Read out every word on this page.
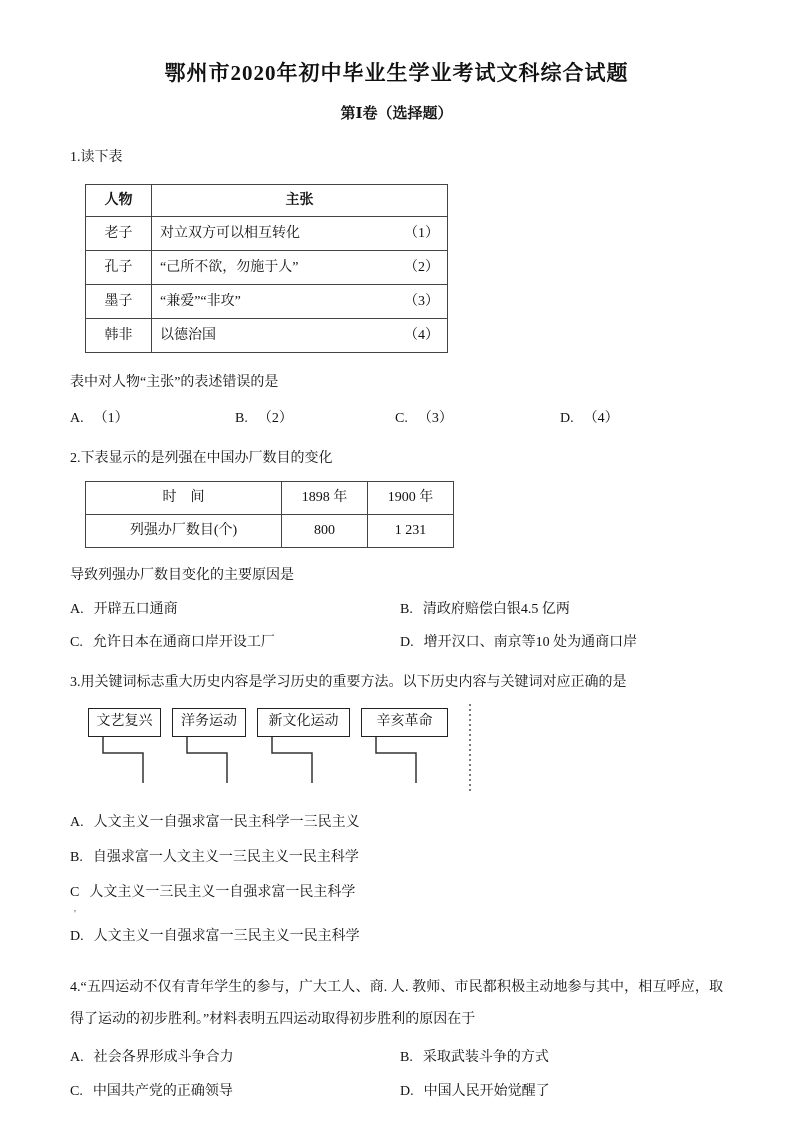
鄂州市2020年初中毕业生学业考试文科综合试题
第Ⅰ卷（选择题）
1.读下表
人物	主张
老子	对立双方可以相互转化 （1）

孔子	“己所不欲，勿施于人” （2）

墨子	“兼爱”“非攻” （3）

韩非	以德治国 （4）
表中对人物“主张”的表述错误的是
A. （1）	B. （2）	C. （3）	D. （4）
2.下表显示的是列强在中国办厂数目的变化
时　间	1898 年	1900 年
列强办厂数目(个)	800	1 231
导致列强办厂数目变化的主要原因是
A. 开辟五口通商	B. 清政府赔偿白银4.5 亿两
C. 允许日本在通商口岸开设工厂	D. 增开汉口、南京等10 处为通商口岸
3.用关键词标志重大历史内容是学习历史的重要方法。以下历史内容与关键词对应正确的是
文艺复兴	洋务运动	新文化运动	辛亥革命
A. 人文主义一自强求富一民主科学一三民主义
B. 自强求富一人文主义一三民主义一民主科学
C 人文主义一三民主义一自强求富一民主科学
'
D. 人文主义一自强求富一三民主义一民主科学
4.“五四运动不仅有青年学生的参与，广大工人、商. 人. 教师、市民都积极主动地参与其中，相互呼应，取得了运动的初步胜利。”材料表明五四运动取得初步胜利的原因在于
A. 社会各界形成斗争合力	B. 采取武装斗争的方式
C. 中国共产党的正确领导	D. 中国人民开始觉醒了
